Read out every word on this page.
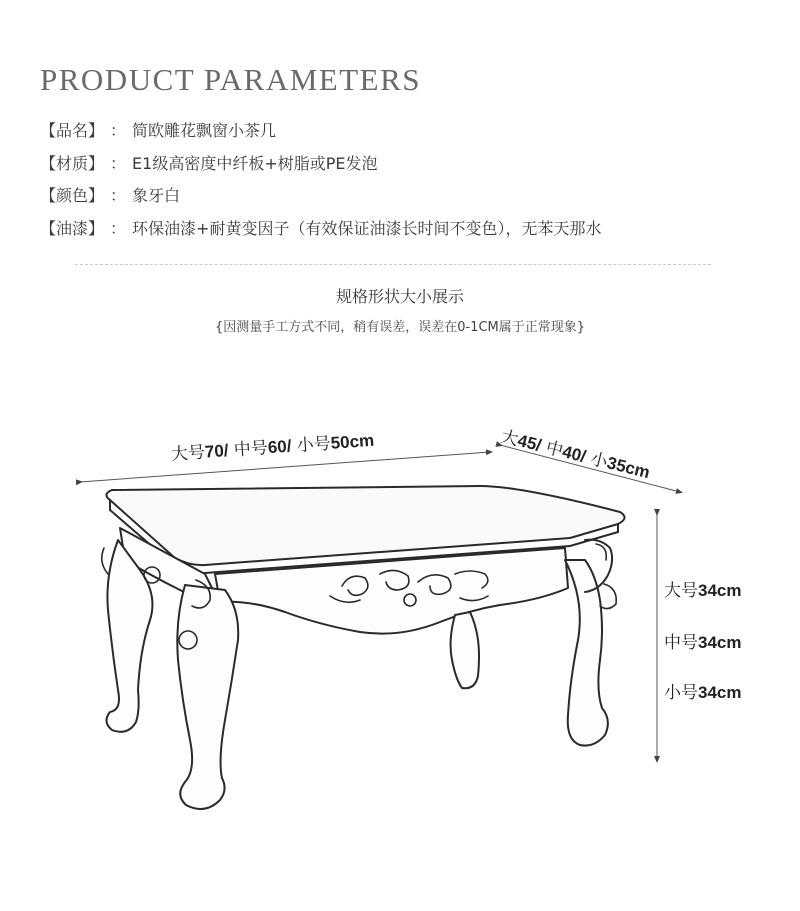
PRODUCT PARAMETERS
【品名】 ： 简欧雕花飘窗小茶几
【材质】 ： E1级高密度中纤板+树脂或PE发泡
【颜色】 ： 象牙白
【油漆】 ： 环保油漆+耐黄变因子（有效保证油漆长时间不变色），无苯天那水
规格形状大小展示
{因测量手工方式不同，稍有误差，误差在0-1CM属于正常现象}
大号70/ 中号60/ 小号50cm	大45/ 中40/ 小35cm
大号34cm
中号34cm
小号34cm
